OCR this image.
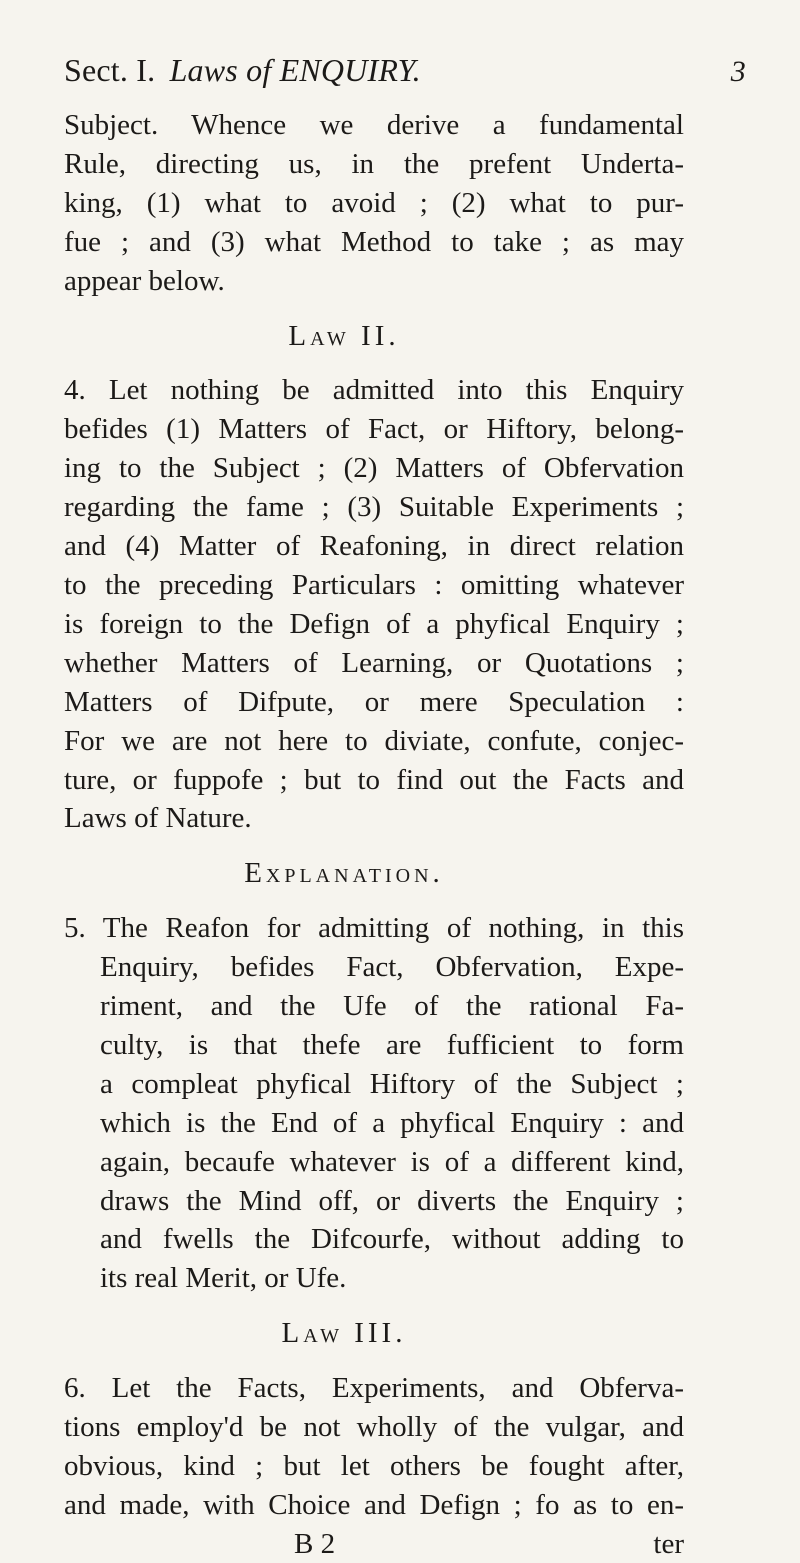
Sect. I. Laws of ENQUIRY.	3
Subject. Whence we derive a fundamental
Rule, directing us, in the prefent Underta-
king, (1) what to avoid ; (2) what to pur-
fue ; and (3) what Method to take ; as may
appear below.
Law II.
4. Let nothing be admitted into this Enquiry
befides (1) Matters of Fact, or Hiftory, belong-
ing to the Subject ; (2) Matters of Obfervation
regarding the fame ; (3) Suitable Experiments ;
and (4) Matter of Reafoning, in direct relation
to the preceding Particulars : omitting whatever
is foreign to the Defign of a phyfical Enquiry ;
whether Matters of Learning, or Quotations ;
Matters of Difpute, or mere Speculation :
For we are not here to diviate, confute, conjec-
ture, or fuppofe ; but to find out the Facts and
Laws of Nature.
Explanation.
5. The Reafon for admitting of nothing, in this
Enquiry, befides Fact, Obfervation, Expe-
riment, and the Ufe of the rational Fa-
culty, is that thefe are fufficient to form
a compleat phyfical Hiftory of the Subject ;
which is the End of a phyfical Enquiry : and
again, becaufe whatever is of a different kind,
draws the Mind off, or diverts the Enquiry ;
and fwells the Difcourfe, without adding to
its real Merit, or Ufe.
Law III.
6. Let the Facts, Experiments, and Obferva-
tions employ'd be not wholly of the vulgar, and
obvious, kind ; but let others be fought after,
and made, with Choice and Defign ; fo as to en-
B 2	ter
